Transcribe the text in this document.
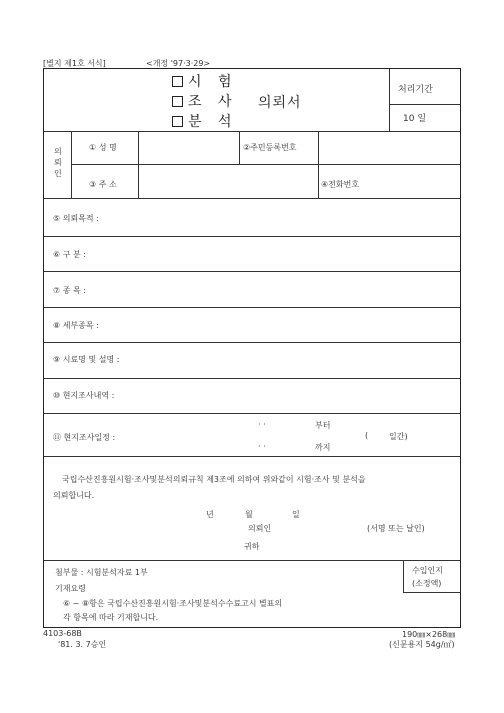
[별지 제1호 서식]	<개정 '97·3·29>
시 험
조 사
분 석
의뢰서
처리기간
10 일
의
뢰
인
① 성 명	②주민등록번호
③ 주 소	④전화번호
⑤ 의뢰목적 :
⑥ 구 분 :
⑦ 종 목 :
⑧ 세부종목 :
⑨ 시료명 및 설명 :
⑩ 현지조사내역 :
⑪ 현지조사일정 :
· ·	부터
· ·	까지
(	일간)
국립수산진흥원시험·조사및분석의뢰규칙 제3조에 의하여 위와같이 시험·조사 및 분석을
의뢰합니다.
년	월	일
의뢰인	(서명 또는 날인)
귀하
첨부물 : 시험분석자료 1부
기재요령
⑥ ~ ⑧항은 국립수산진흥원시험·조사및분석수수료고시 별표의
각 항목에 따라 기재합니다.
수입인지
(소정액)
4103-68B
'81. 3. 7승인
190㎜×268㎜
(신문용지 54g/㎡)
